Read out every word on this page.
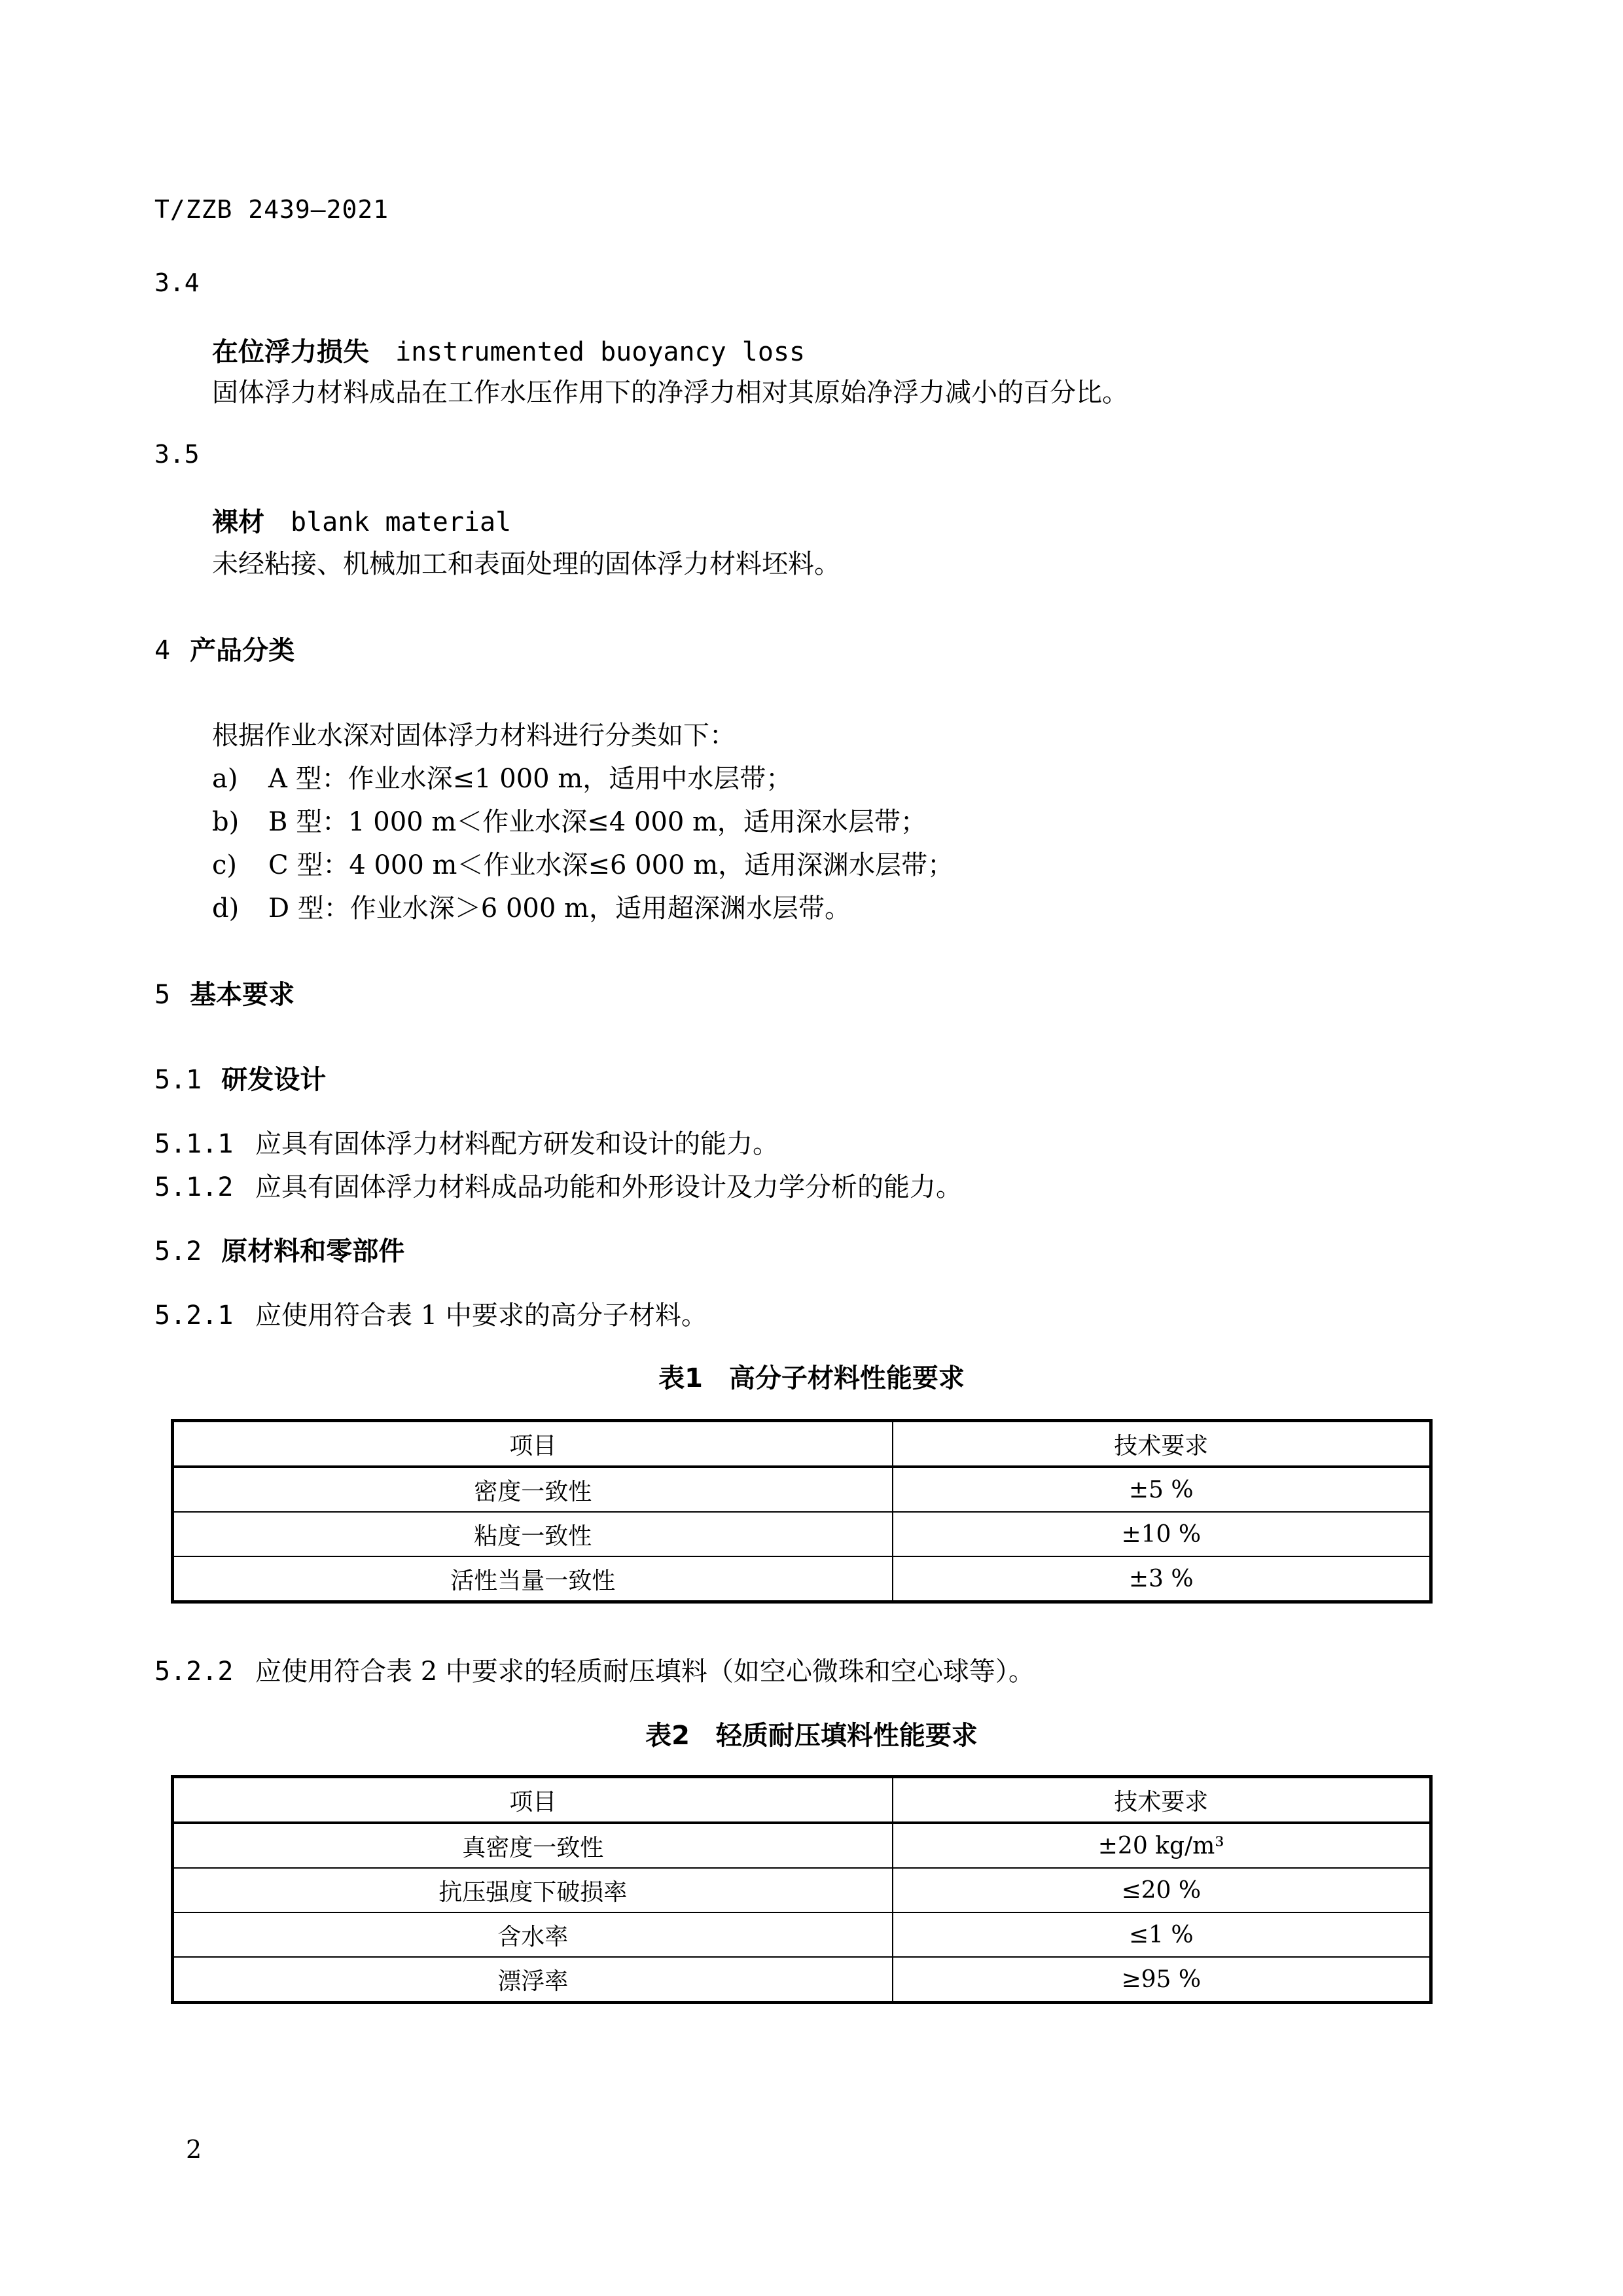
T/ZZB 2439—2021
3.4
在位浮力损失 instrumented buoyancy loss
固体浮力材料成品在工作水压作用下的净浮力相对其原始净浮力减小的百分比。
3.5
裸材 blank material
未经粘接、机械加工和表面处理的固体浮力材料坯料。
4 产品分类
根据作业水深对固体浮力材料进行分类如下：
a) A 型：作业水深≤1 000 m，适用中水层带；
b) B 型：1 000 m＜作业水深≤4 000 m，适用深水层带；
c) C 型：4 000 m＜作业水深≤6 000 m，适用深渊水层带；
d) D 型：作业水深＞6 000 m，适用超深渊水层带。
5 基本要求
5.1 研发设计
5.1.1 应具有固体浮力材料配方研发和设计的能力。
5.1.2 应具有固体浮力材料成品功能和外形设计及力学分析的能力。
5.2 原材料和零部件
5.2.1 应使用符合表 1 中要求的高分子材料。
表1　高分子材料性能要求
项目	技术要求
密度一致性	±5 %
粘度一致性	±10 %
活性当量一致性	±3 %
5.2.2 应使用符合表 2 中要求的轻质耐压填料（如空心微珠和空心球等）。
表2　轻质耐压填料性能要求
项目	技术要求
真密度一致性	±20 kg/m³
抗压强度下破损率	≤20 %
含水率	≤1 %
漂浮率	≥95 %
2
